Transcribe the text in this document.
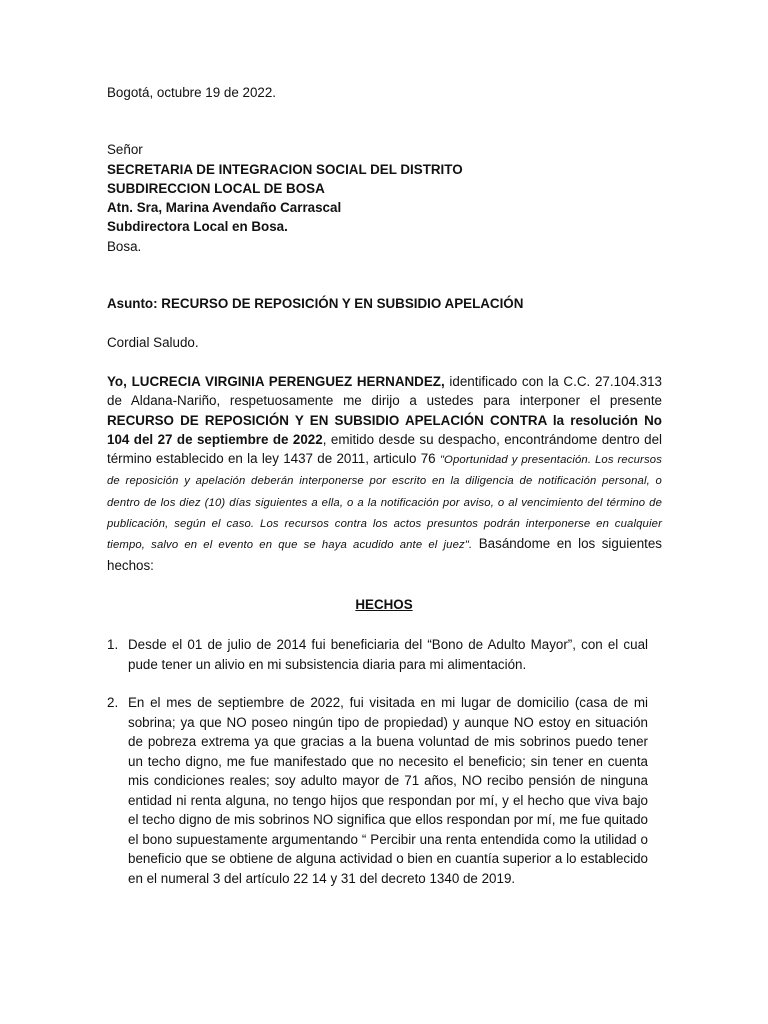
Bogotá, octubre 19 de 2022.
Señor
SECRETARIA DE INTEGRACION SOCIAL DEL DISTRITO
SUBDIRECCION LOCAL DE BOSA
Atn. Sra, Marina Avendaño Carrascal
Subdirectora Local en Bosa.
Bosa.
Asunto: RECURSO DE REPOSICIÓN Y EN SUBSIDIO APELACIÓN
Cordial Saludo.
Yo, LUCRECIA VIRGINIA PERENGUEZ HERNANDEZ, identificado con la C.C. 27.104.313 de Aldana-Nariño, respetuosamente me dirijo a ustedes para interponer el presente RECURSO DE REPOSICIÓN Y EN SUBSIDIO APELACIÓN CONTRA la resolución No 104 del 27 de septiembre de 2022, emitido desde su despacho, encontrándome dentro del término establecido en la ley 1437 de 2011, articulo 76 "Oportunidad y presentación. Los recursos de reposición y apelación deberán interponerse por escrito en la diligencia de notificación personal, o dentro de los diez (10) días siguientes a ella, o a la notificación por aviso, o al vencimiento del término de publicación, según el caso. Los recursos contra los actos presuntos podrán interponerse en cualquier tiempo, salvo en el evento en que se haya acudido ante el juez". Basándome en los siguientes hechos:
HECHOS
1. Desde el 01 de julio de 2014 fui beneficiaria del “Bono de Adulto Mayor”, con el cual pude tener un alivio en mi subsistencia diaria para mi alimentación.
2. En el mes de septiembre de 2022, fui visitada en mi lugar de domicilio (casa de mi sobrina; ya que NO poseo ningún tipo de propiedad) y aunque NO estoy en situación de pobreza extrema ya que gracias a la buena voluntad de mis sobrinos puedo tener un techo digno, me fue manifestado que no necesito el beneficio; sin tener en cuenta mis condiciones reales; soy adulto mayor de 71 años, NO recibo pensión de ninguna entidad ni renta alguna, no tengo hijos que respondan por mí, y el hecho que viva bajo el techo digno de mis sobrinos NO significa que ellos respondan por mí, me fue quitado el bono supuestamente argumentando “ Percibir una renta entendida como la utilidad o beneficio que se obtiene de alguna actividad o bien en cuantía superior a lo establecido en el numeral 3 del artículo 22 14 y 31 del decreto 1340 de 2019.
